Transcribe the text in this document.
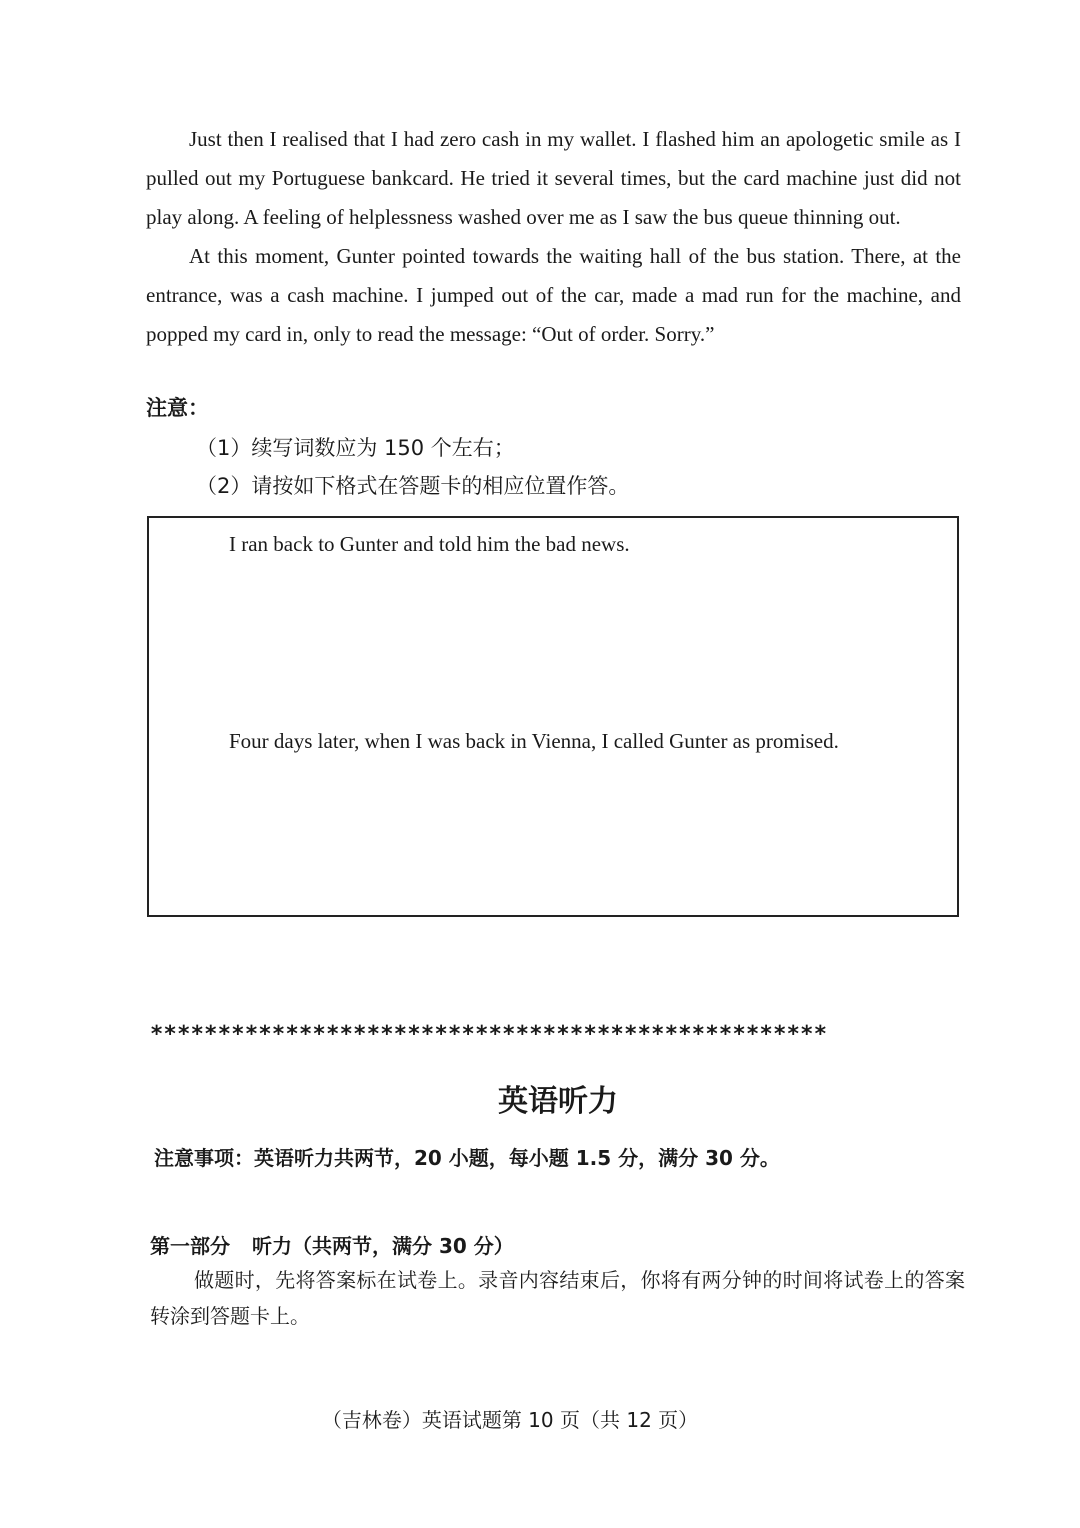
Just then I realised that I had zero cash in my wallet. I flashed him an apologetic smile as I pulled out my Portuguese bankcard. He tried it several times, but the card machine just did not play along. A feeling of helplessness washed over me as I saw the bus queue thinning out.

At this moment, Gunter pointed towards the waiting hall of the bus station. There, at the entrance, was a cash machine. I jumped out of the car, made a mad run for the machine, and popped my card in, only to read the message: “Out of order. Sorry.”

注意：
（1）续写词数应为 150 个左右；
（2）请按如下格式在答题卡的相应位置作答。
I ran back to Gunter and told him the bad news.
Four days later, when I was back in Vienna, I called Gunter as promised.
**************************************************
英语听力
注意事项：英语听力共两节，20 小题，每小题 1.5 分，满分 30 分。
第一部分 听力（共两节，满分 30 分）

做题时，先将答案标在试卷上。录音内容结束后，你将有两分钟的时间将试卷上的答案转涂到答题卡上。

（吉林卷）英语试题第 10 页（共 12 页）
